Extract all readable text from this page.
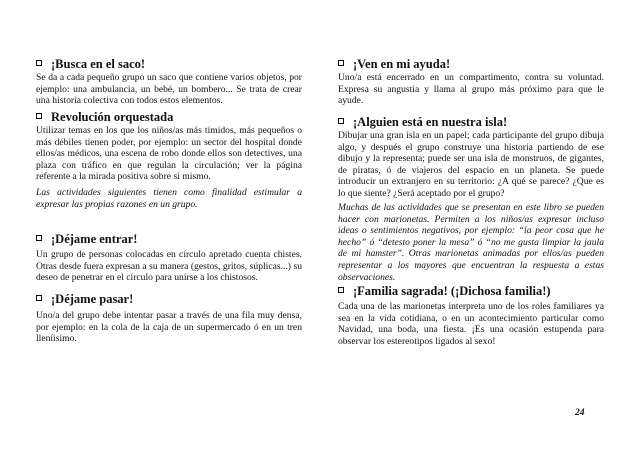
¡Busca en el saco!
Se da a cada pequeño grupo un saco que contiene varios objetos, por ejemplo: una ambulancia, un bebé, un bombero... Se trata de crear una historia colectiva con todos estos elementos.
Revolución orquestada
Utilizar temas en los que los niños/as más tímidos, más pequeños o más débiles tienen poder, por ejemplo: un sector del hospital donde ellos/as médicos, una escena de robo donde ellos son detectives, una plaza con tráfico en que regulan la circulación; ver la página referente a la mirada positiva sobre sí mismo.
Las actividades siguientes tienen como finalidad estimular a expresar las propias razones en un grupo.
¡Déjame entrar!
Un grupo de personas colocadas en círculo apretado cuenta chistes. Otras desde fuera expresan a su manera (gestos, gritos, súplicas...) su deseo de penetrar en el círculo para unirse a los chistosos.
¡Déjame pasar!
Uno/a del grupo debe intentar pasar a través de una fila muy densa, por ejemplo: en la cola de la caja de un supermercado ó en un tren lleníisimo.
¡Ven en mi ayuda!
Uno/a está encerrado en un compartimento, contra su voluntad. Expresa su angustia y llama al grupo más próximo para que le ayude.
¡Alguien está en nuestra isla!
Dibujar una gran isla en un papel; cada participante del grupo dibuja algo, y después el grupo construye una historia partiendo de ese dibujo y la representa; puede ser una isla de monstruos, de gigantes, de piratas, ó de viajeros del espacio en un planeta. Se puede introducir un extranjero en su territorio: ¿A qué se parece? ¿Que es lo que siente? ¿Será aceptado por el grupo?
Muchas de las actividades que se presentan en este libro se pueden hacer con marionetas. Permiten a los niños/as expresar incluso ideas o sentimientos negativos, por ejemplo: “la peor cosa que he hecho” ó “detesto poner la mesa” ó “no me gusta limpiar la jaula de mi hamster”. Otras marionetas animadas por ellos/as pueden representar a los mayores que encuentran la respuesta a estas observaciones.
¡Familia sagrada! (¡Dichosa familia!)
Cada una de las marionetas interpreta uno de los roles familiares ya sea en la vida cotidiana, o en un acontecimiento particular como Navidad, una boda, una fiesta. ¡Es una ocasión estupenda para observar los estereotipos ligados al sexo!
24
